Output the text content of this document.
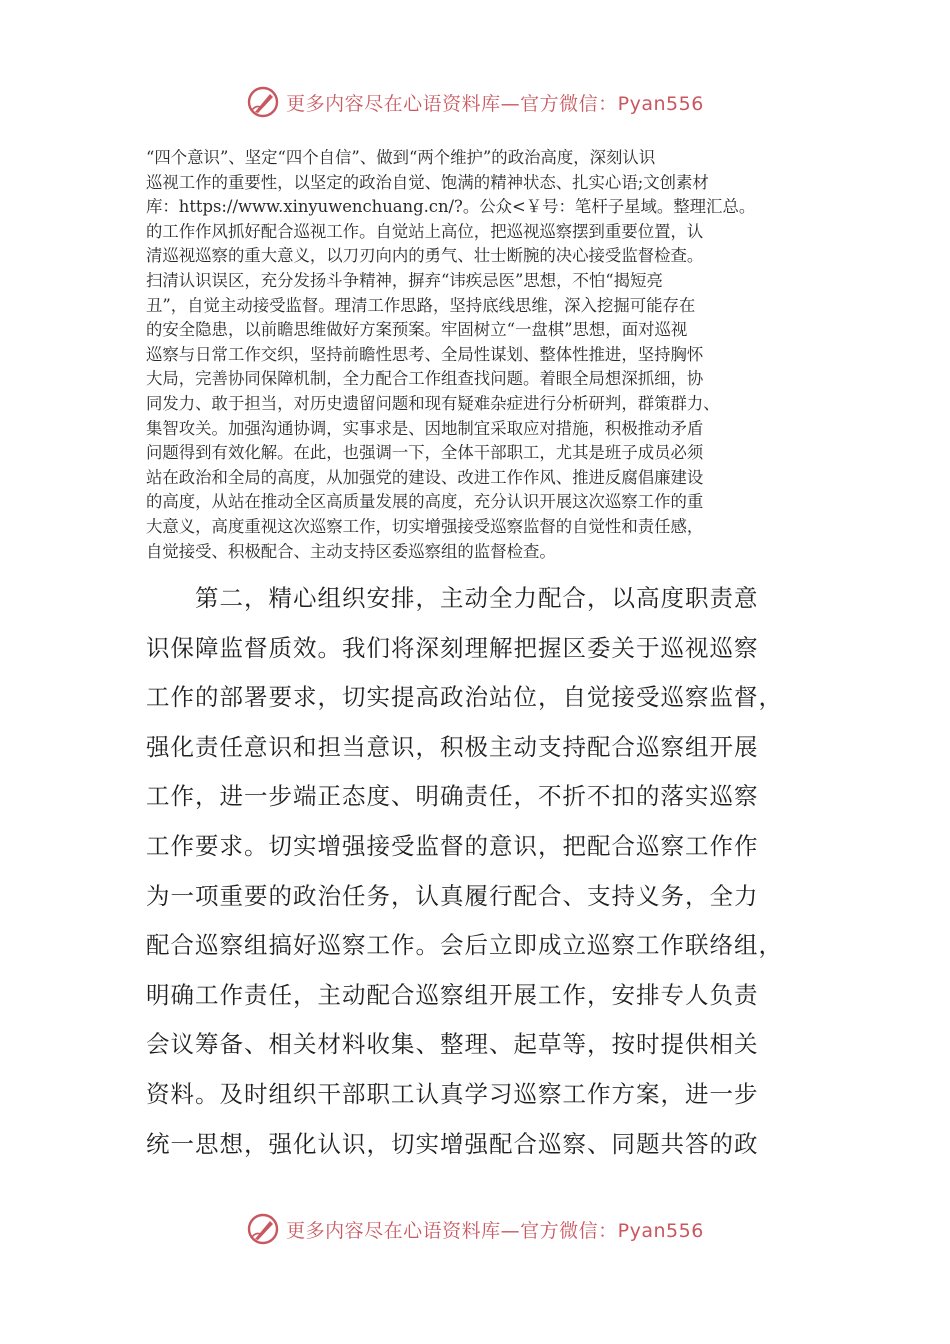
更多内容尽在心语资料库—官方微信：Pyan556
“四个意识”、坚定“四个自信”、做到“两个维护”的政治高度，深刻认识
巡视工作的重要性，以坚定的政治自觉、饱满的精神状态、扎实心语;文创素材
库：https://www.xinyuwenchuang.cn/?。公众<￥号：笔杆子星域。整理汇总。
的工作作风抓好配合巡视工作。自觉站上高位，把巡视巡察摆到重要位置，认
清巡视巡察的重大意义，以刀刃向内的勇气、壮士断腕的决心接受监督检查。
扫清认识误区，充分发扬斗争精神，摒弃“讳疾忌医”思想，不怕“揭短亮
丑”，自觉主动接受监督。理清工作思路，坚持底线思维，深入挖掘可能存在
的安全隐患，以前瞻思维做好方案预案。牢固树立“一盘棋”思想，面对巡视
巡察与日常工作交织，坚持前瞻性思考、全局性谋划、整体性推进，坚持胸怀
大局，完善协同保障机制，全力配合工作组查找问题。着眼全局想深抓细，协
同发力、敢于担当，对历史遗留问题和现有疑难杂症进行分析研判，群策群力、
集智攻关。加强沟通协调，实事求是、因地制宜采取应对措施，积极推动矛盾
问题得到有效化解。在此，也强调一下，全体干部职工，尤其是班子成员必须
站在政治和全局的高度，从加强党的建设、改进工作作风、推进反腐倡廉建设
的高度，从站在推动全区高质量发展的高度，充分认识开展这次巡察工作的重
大意义，高度重视这次巡察工作，切实增强接受巡察监督的自觉性和责任感，
自觉接受、积极配合、主动支持区委巡察组的监督检查。
第二，精心组织安排，主动全力配合，以高度职责意
识保障监督质效。我们将深刻理解把握区委关于巡视巡察
工作的部署要求，切实提高政治站位，自觉接受巡察监督，
强化责任意识和担当意识，积极主动支持配合巡察组开展
工作，进一步端正态度、明确责任，不折不扣的落实巡察
工作要求。切实增强接受监督的意识，把配合巡察工作作
为一项重要的政治任务，认真履行配合、支持义务，全力
配合巡察组搞好巡察工作。会后立即成立巡察工作联络组，
明确工作责任，主动配合巡察组开展工作，安排专人负责
会议筹备、相关材料收集、整理、起草等，按时提供相关
资料。及时组织干部职工认真学习巡察工作方案，进一步
统一思想，强化认识，切实增强配合巡察、同题共答的政
更多内容尽在心语资料库—官方微信：Pyan556
